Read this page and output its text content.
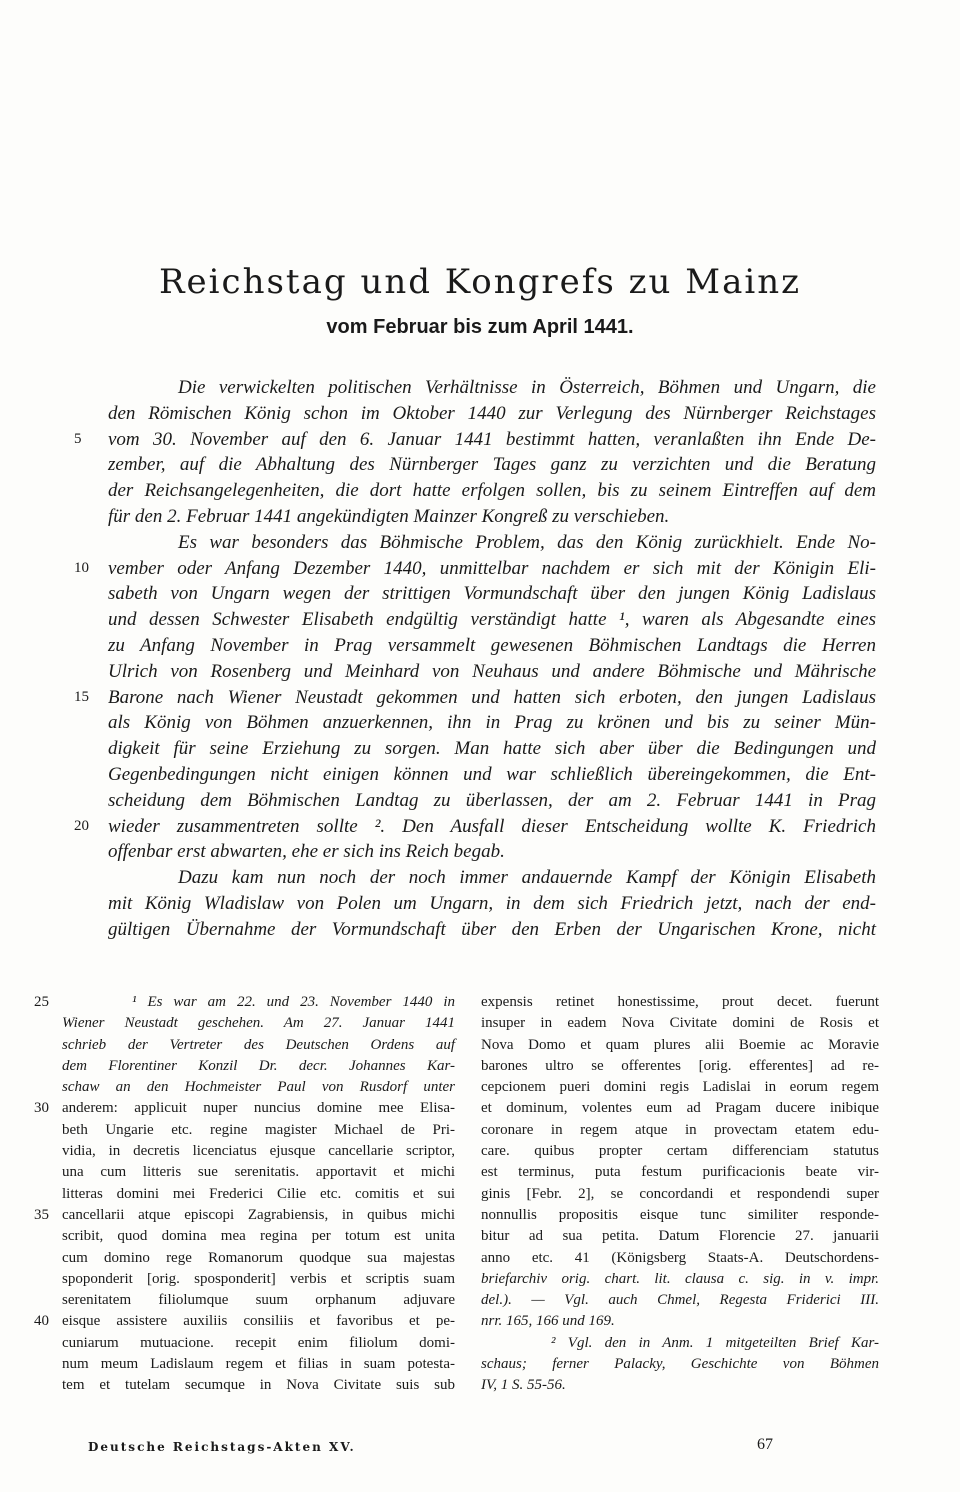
Reichstag und Kongrefs zu Mainz
vom Februar bis zum April 1441.
Die verwickelten politischen Verhältnisse in Österreich, Böhmen und Ungarn, die
den Römischen König schon im Oktober 1440 zur Verlegung des Nürnberger Reichstages
5 vom 30. November auf den 6. Januar 1441 bestimmt hatten, veranlaßten ihn Ende De-
zember, auf die Abhaltung des Nürnberger Tages ganz zu verzichten und die Beratung
der Reichsangelegenheiten, die dort hatte erfolgen sollen, bis zu seinem Eintreffen auf dem
für den 2. Februar 1441 angekündigten Mainzer Kongreß zu verschieben.
Es war besonders das Böhmische Problem, das den König zurückhielt. Ende No-
10 vember oder Anfang Dezember 1440, unmittelbar nachdem er sich mit der Königin Eli-
sabeth von Ungarn wegen der strittigen Vormundschaft über den jungen König Ladislaus
und dessen Schwester Elisabeth endgültig verständigt hatte ¹, waren als Abgesandte eines
zu Anfang November in Prag versammelt gewesenen Böhmischen Landtags die Herren
Ulrich von Rosenberg und Meinhard von Neuhaus und andere Böhmische und Mährische
15 Barone nach Wiener Neustadt gekommen und hatten sich erboten, den jungen Ladislaus
als König von Böhmen anzuerkennen, ihn in Prag zu krönen und bis zu seiner Mün-
digkeit für seine Erziehung zu sorgen. Man hatte sich aber über die Bedingungen und
Gegenbedingungen nicht einigen können und war schließlich übereingekommen, die Ent-
scheidung dem Böhmischen Landtag zu überlassen, der am 2. Februar 1441 in Prag
20 wieder zusammentreten sollte ². Den Ausfall dieser Entscheidung wollte K. Friedrich
offenbar erst abwarten, ehe er sich ins Reich begab.
Dazu kam nun noch der noch immer andauernde Kampf der Königin Elisabeth
mit König Wladislaw von Polen um Ungarn, in dem sich Friedrich jetzt, nach der end-
gültigen Übernahme der Vormundschaft über den Erben der Ungarischen Krone, nicht
25	¹ Es war am 22. und 23. November 1440 in
Wiener Neustadt geschehen. Am 27. Januar 1441
schrieb der Vertreter des Deutschen Ordens auf
dem Florentiner Konzil Dr. decr. Johannes Kar-
schaw an den Hochmeister Paul von Rusdorf unter
30 anderem: applicuit nuper nuncius domine mee Elisa-
beth Ungarie etc. regine magister Michael de Pri-
vidia, in decretis licenciatus ejusque cancellarie scriptor,
una cum litteris sue serenitatis. apportavit et michi
litteras domini mei Frederici Cilie etc. comitis et sui
35 cancellarii atque episcopi Zagrabiensis, in quibus michi
scribit, quod domina mea regina per totum est unita
cum domino rege Romanorum quodque sua majestas
spoponderit [orig. sposponderit] verbis et scriptis suam
serenitatem filiolumque suum orphanum adjuvare
40 eisque assistere auxiliis consiliis et favoribus et pe-
cuniarum mutuacione. recepit enim filiolum domi-
num meum Ladislaum regem et filias in suam potesta-
tem et tutelam secumque in Nova Civitate suis sub
expensis retinet honestissime, prout decet. fuerunt
insuper in eadem Nova Civitate domini de Rosis et
Nova Domo et quam plures alii Boemie ac Moravie
barones ultro se offerentes [orig. efferentes] ad re-
cepcionem pueri domini regis Ladislai in eorum regem
et dominum, volentes eum ad Pragam ducere inibique
coronare in regem atque in provectam etatem edu-
care. quibus propter certam differenciam statutus
est terminus, puta festum purificacionis beate vir-
ginis [Febr. 2], se concordandi et respondendi super
nonnullis propositis eisque tunc similiter responde-
bitur ad sua petita. Datum Florencie 27. januarii
anno etc. 41 (Königsberg Staats-A. Deutschordens-
briefarchiv orig. chart. lit. clausa c. sig. in v. impr.
del.). — Vgl. auch Chmel, Regesta Friderici III.
nrr. 165, 166 und 169.
² Vgl. den in Anm. 1 mitgeteilten Brief Kar-
schaus; ferner Palacky, Geschichte von Böhmen
IV, 1 S. 55-56.
Deutsche Reichstags-Akten XV.	67
